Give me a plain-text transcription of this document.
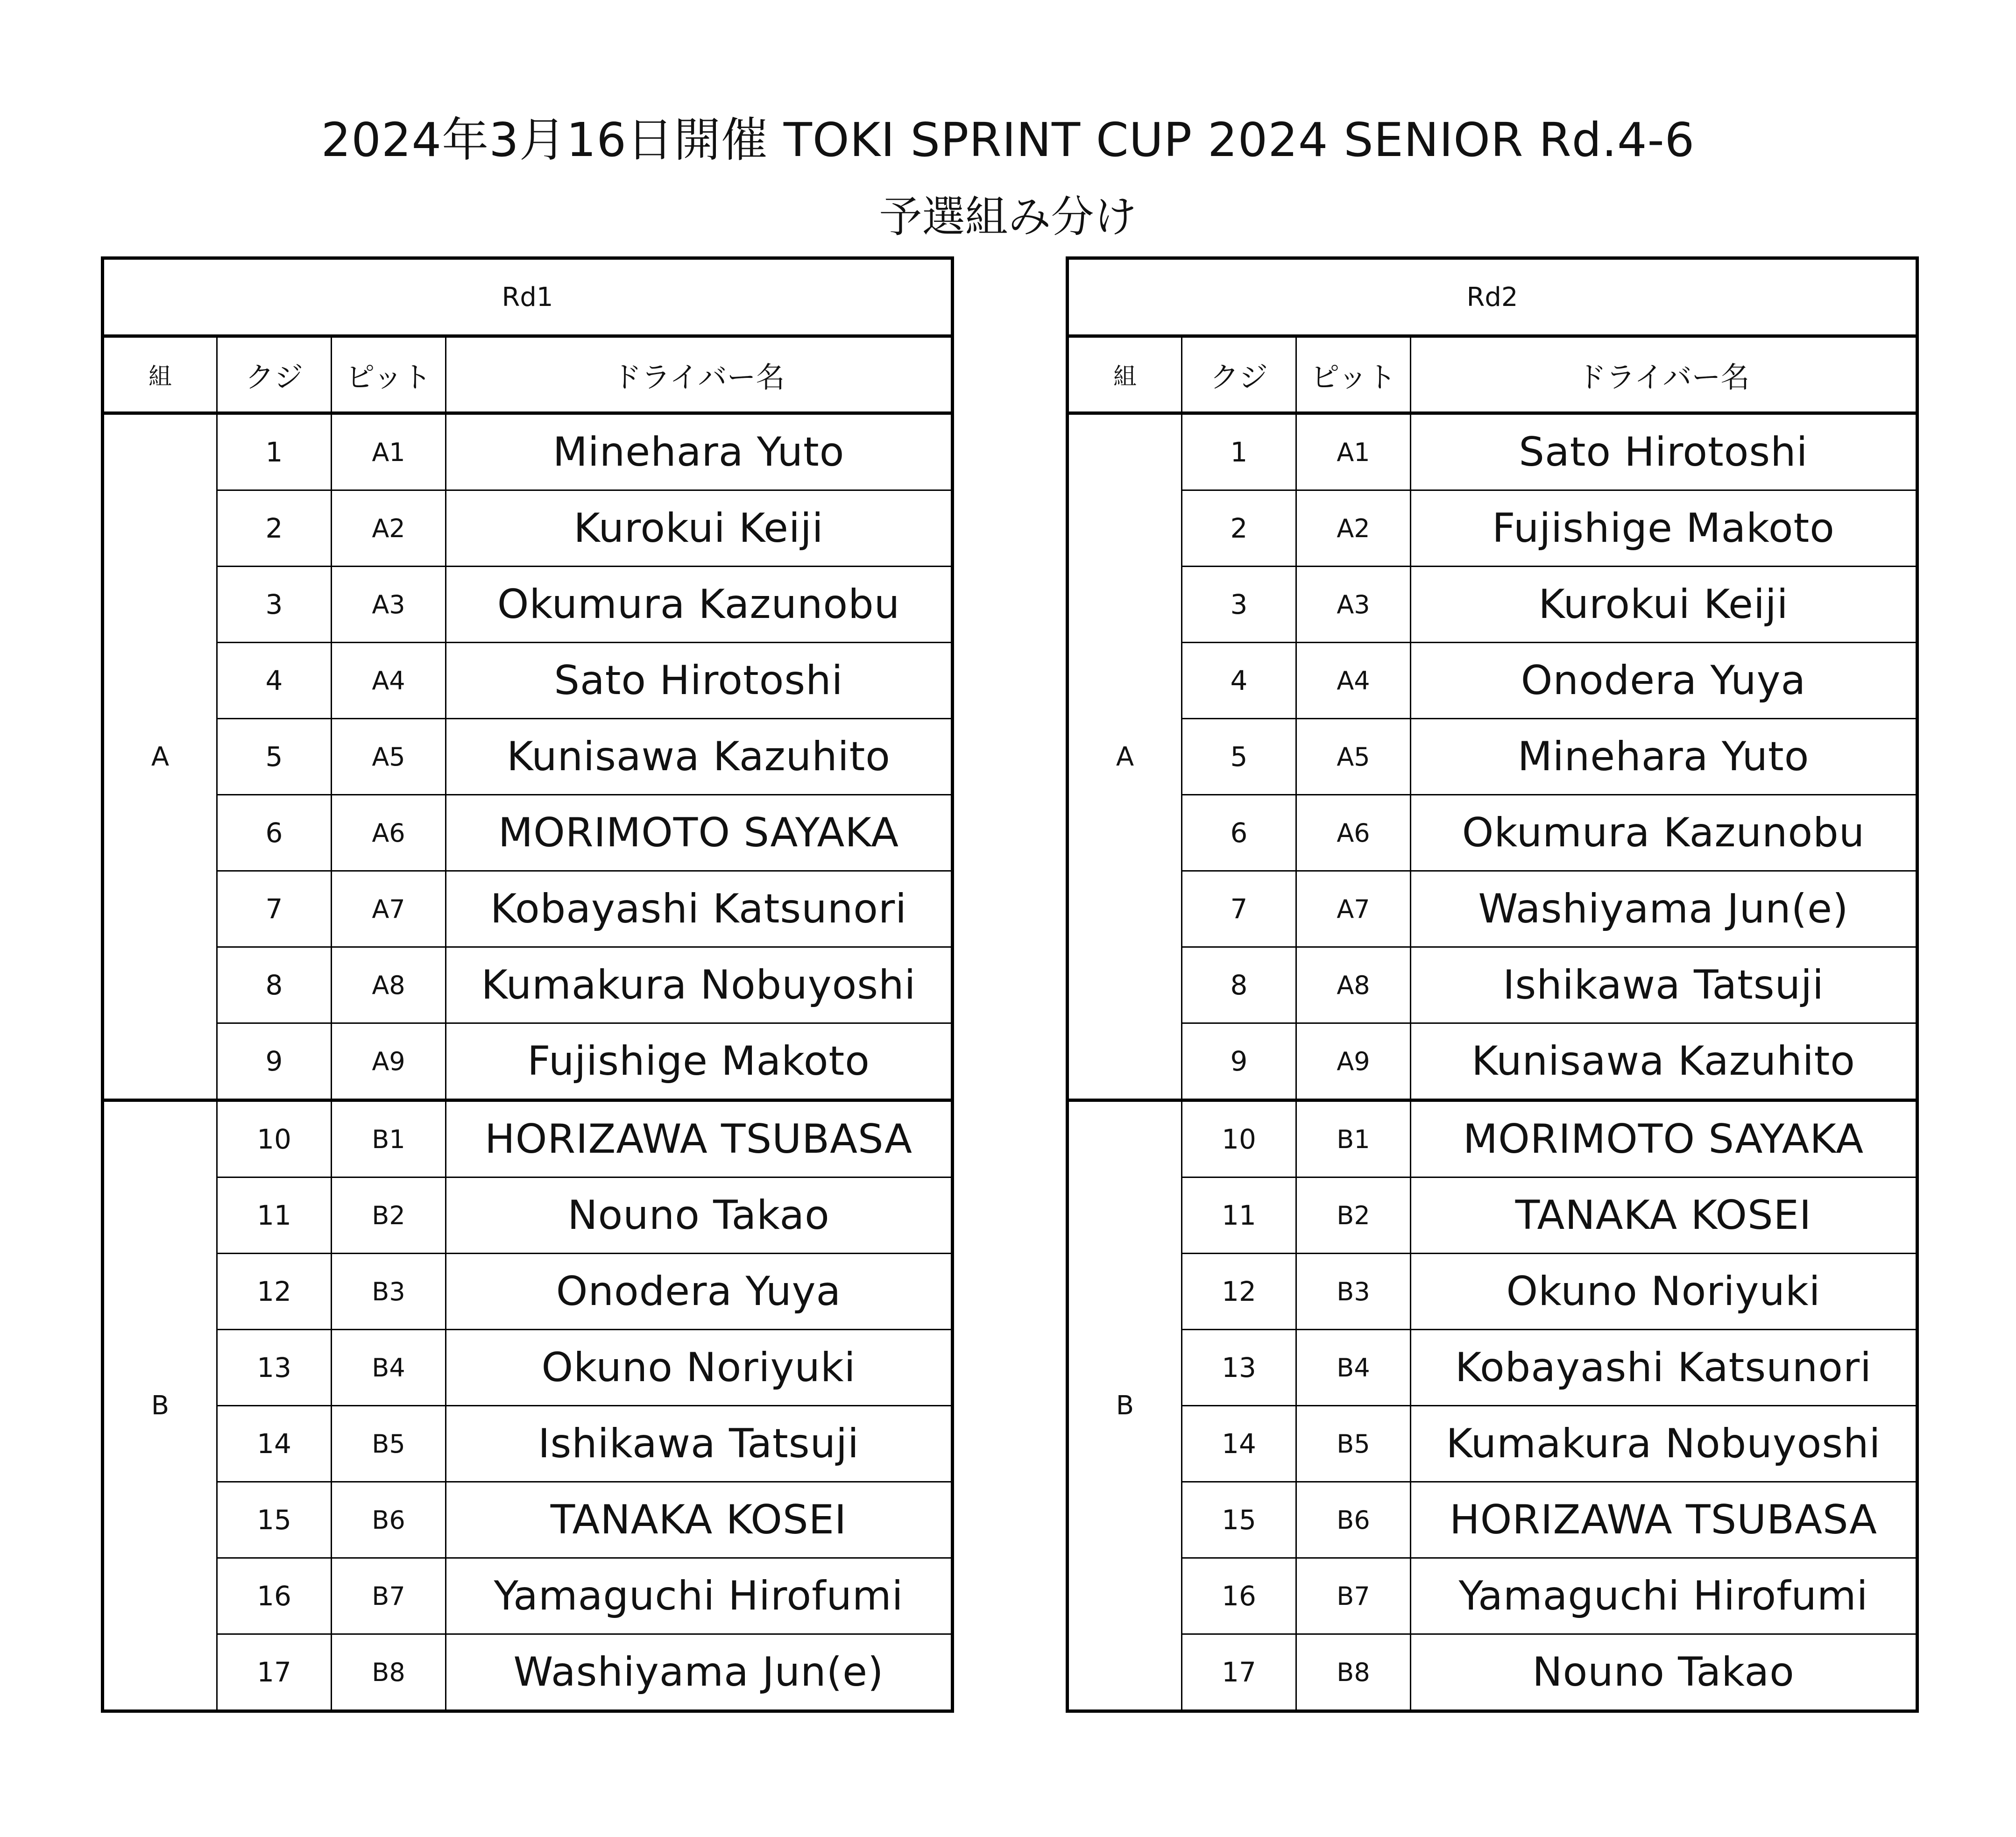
2024年3月16日開催 TOKI SPRINT CUP 2024 SENIOR Rd.4-6
予選組み分け
Rd1			
組	クジ	ピット	ドライバー名
A	1	A1	Minehara Yuto
	2	A2	Kurokui Keiji
	3	A3	Okumura Kazunobu
	4	A4	Sato Hirotoshi
	5	A5	Kunisawa Kazuhito
	6	A6	MORIMOTO SAYAKA
	7	A7	Kobayashi Katsunori
	8	A8	Kumakura Nobuyoshi
	9	A9	Fujishige Makoto
B	10	B1	HORIZAWA TSUBASA
	11	B2	Nouno Takao
	12	B3	Onodera Yuya
	13	B4	Okuno Noriyuki
	14	B5	Ishikawa Tatsuji
	15	B6	TANAKA KOSEI
	16	B7	Yamaguchi Hirofumi
	17	B8	Washiyama Jun(e)
Rd2			
組	クジ	ピット	ドライバー名
A	1	A1	Sato Hirotoshi
	2	A2	Fujishige Makoto
	3	A3	Kurokui Keiji
	4	A4	Onodera Yuya
	5	A5	Minehara Yuto
	6	A6	Okumura Kazunobu
	7	A7	Washiyama Jun(e)
	8	A8	Ishikawa Tatsuji
	9	A9	Kunisawa Kazuhito
B	10	B1	MORIMOTO SAYAKA
	11	B2	TANAKA KOSEI
	12	B3	Okuno Noriyuki
	13	B4	Kobayashi Katsunori
	14	B5	Kumakura Nobuyoshi
	15	B6	HORIZAWA TSUBASA
	16	B7	Yamaguchi Hirofumi
	17	B8	Nouno Takao
